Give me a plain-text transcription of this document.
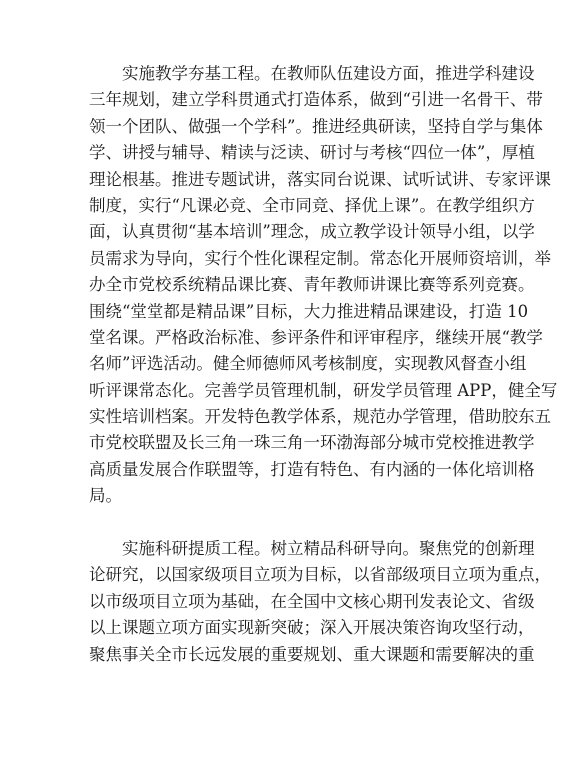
实施教学夯基工程。在教师队伍建设方面，推进学科建设
三年规划，建立学科贯通式打造体系，做到“引进一名骨干、带
领一个团队、做强一个学科”。推进经典研读，坚持自学与集体
学、讲授与辅导、精读与泛读、研讨与考核“四位一体”，厚植
理论根基。推进专题试讲，落实同台说课、试听试讲、专家评课
制度，实行“凡课必竞、全市同竞、择优上课”。在教学组织方
面，认真贯彻“基本培训”理念，成立教学设计领导小组，以学
员需求为导向，实行个性化课程定制。常态化开展师资培训，举
办全市党校系统精品课比赛、青年教师讲课比赛等系列竞赛。
围绕“堂堂都是精品课”目标，大力推进精品课建设，打造 10
堂名课。严格政治标准、参评条件和评审程序，继续开展“教学
名师”评选活动。健全师德师风考核制度，实现教风督查小组
听评课常态化。完善学员管理机制，研发学员管理 APP，健全写
实性培训档案。开发特色教学体系，规范办学管理，借助胶东五
市党校联盟及长三角一珠三角一环渤海部分城市党校推进教学
高质量发展合作联盟等，打造有特色、有内涵的一体化培训格
局。
实施科研提质工程。树立精品科研导向。聚焦党的创新理
论研究，以国家级项目立项为目标，以省部级项目立项为重点，
以市级项目立项为基础，在全国中文核心期刊发表论文、省级
以上课题立项方面实现新突破；深入开展决策咨询攻坚行动，
聚焦事关全市长远发展的重要规划、重大课题和需要解决的重
